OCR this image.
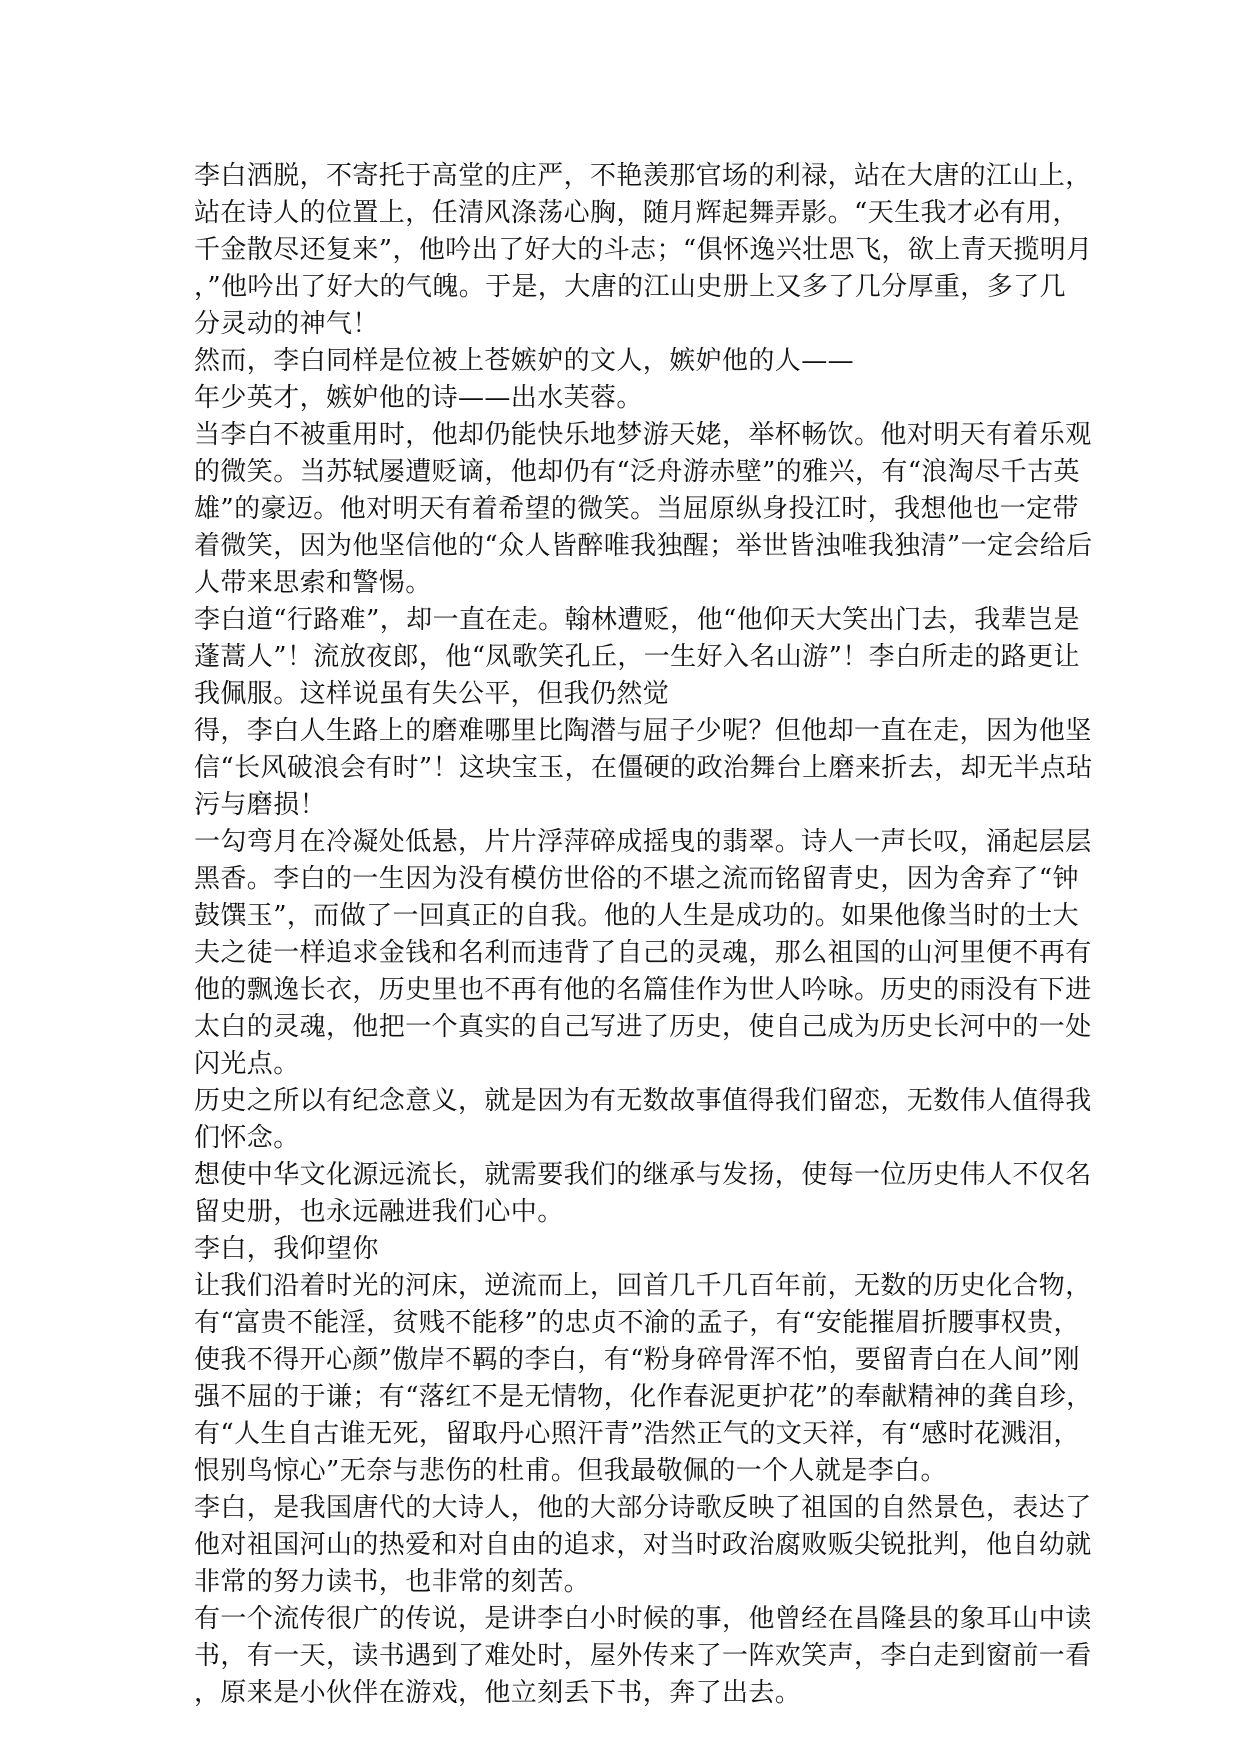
李白洒脱，不寄托于高堂的庄严，不艳羡那官场的利禄，站在大唐的江山上，
站在诗人的位置上，任清风涤荡心胸，随月辉起舞弄影。“天生我才必有用，
千金散尽还复来”，他吟出了好大的斗志；“俱怀逸兴壮思飞，欲上青天揽明月
，”他吟出了好大的气魄。于是，大唐的江山史册上又多了几分厚重，多了几
分灵动的神气！
然而，李白同样是位被上苍嫉妒的文人，嫉妒他的人——
年少英才，嫉妒他的诗——出水芙蓉。
当李白不被重用时，他却仍能快乐地梦游天姥，举杯畅饮。他对明天有着乐观
的微笑。当苏轼屡遭贬谪，他却仍有“泛舟游赤壁”的雅兴，有“浪淘尽千古英
雄”的豪迈。他对明天有着希望的微笑。当屈原纵身投江时，我想他也一定带
着微笑，因为他坚信他的“众人皆醉唯我独醒；举世皆浊唯我独清”一定会给后
人带来思索和警惕。
李白道“行路难”，却一直在走。翰林遭贬，他“他仰天大笑出门去，我辈岂是
蓬蒿人”！流放夜郎，他“凤歌笑孔丘，一生好入名山游”！李白所走的路更让
我佩服。这样说虽有失公平，但我仍然觉
得，李白人生路上的磨难哪里比陶潜与屈子少呢？但他却一直在走，因为他坚
信“长风破浪会有时”！这块宝玉，在僵硬的政治舞台上磨来折去，却无半点玷
污与磨损！
一勾弯月在冷凝处低悬，片片浮萍碎成摇曳的翡翠。诗人一声长叹，涌起层层
黑香。李白的一生因为没有模仿世俗的不堪之流而铭留青史，因为舍弃了“钟
鼓馔玉”，而做了一回真正的自我。他的人生是成功的。如果他像当时的士大
夫之徒一样追求金钱和名利而违背了自己的灵魂，那么祖国的山河里便不再有
他的飘逸长衣，历史里也不再有他的名篇佳作为世人吟咏。历史的雨没有下进
太白的灵魂，他把一个真实的自己写进了历史，使自己成为历史长河中的一处
闪光点。
历史之所以有纪念意义，就是因为有无数故事值得我们留恋，无数伟人值得我
们怀念。
想使中华文化源远流长，就需要我们的继承与发扬，使每一位历史伟人不仅名
留史册，也永远融进我们心中。
李白，我仰望你
让我们沿着时光的河床，逆流而上，回首几千几百年前，无数的历史化合物，
有“富贵不能淫，贫贱不能移”的忠贞不渝的孟子，有“安能摧眉折腰事权贵，
使我不得开心颜”傲岸不羁的李白，有“粉身碎骨浑不怕，要留青白在人间”刚
强不屈的于谦；有“落红不是无情物，化作春泥更护花”的奉献精神的龚自珍，
有“人生自古谁无死，留取丹心照汗青”浩然正气的文天祥，有“感时花溅泪，
恨别鸟惊心”无奈与悲伤的杜甫。但我最敬佩的一个人就是李白。
李白，是我国唐代的大诗人，他的大部分诗歌反映了祖国的自然景色，表达了
他对祖国河山的热爱和对自由的追求，对当时政治腐败贩尖锐批判，他自幼就
非常的努力读书，也非常的刻苦。
有一个流传很广的传说，是讲李白小时候的事，他曾经在昌隆县的象耳山中读
书，有一天，读书遇到了难处时，屋外传来了一阵欢笑声，李白走到窗前一看
，原来是小伙伴在游戏，他立刻丢下书，奔了出去。
